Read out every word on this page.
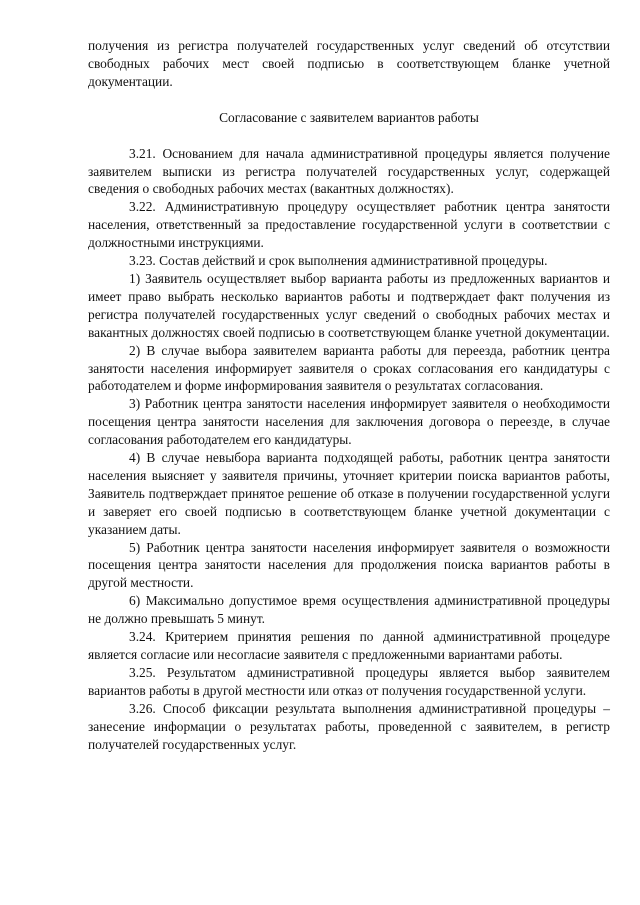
получения из регистра получателей государственных услуг сведений об отсутствии свободных рабочих мест своей подписью в соответствующем бланке учетной документации.

Согласование с заявителем вариантов работы

3.21. Основанием для начала административной процедуры является получение заявителем выписки из регистра получателей государственных услуг, содержащей сведения о свободных рабочих местах (вакантных должностях).

3.22. Административную процедуру осуществляет работник центра занятости населения, ответственный за предоставление государственной услуги в соответствии с должностными инструкциями.

3.23. Состав действий и срок выполнения административной процедуры.

1) Заявитель осуществляет выбор варианта работы из предложенных вариантов и имеет право выбрать несколько вариантов работы и подтверждает факт получения из регистра получателей государственных услуг сведений о свободных рабочих местах и вакантных должностях своей подписью в соответствующем бланке учетной документации.

2) В случае выбора заявителем варианта работы для переезда, работник центра занятости населения информирует заявителя о сроках согласования его кандидатуры с работодателем и форме информирования заявителя о результатах согласования.

3) Работник центра занятости населения информирует заявителя о необходимости посещения центра занятости населения для заключения договора о переезде, в случае согласования работодателем его кандидатуры.

4) В случае невыбора варианта подходящей работы, работник центра занятости населения выясняет у заявителя причины, уточняет критерии поиска вариантов работы, Заявитель подтверждает принятое решение об отказе в получении государственной услуги и заверяет его своей подписью в соответствующем бланке учетной документации с указанием даты.

5) Работник центра занятости населения информирует заявителя о возможности посещения центра занятости населения для продолжения поиска вариантов работы в другой местности.

6) Максимально допустимое время осуществления административной процедуры не должно превышать 5 минут.

3.24. Критерием принятия решения по данной административной процедуре является согласие или несогласие заявителя с предложенными вариантами работы.

3.25. Результатом административной процедуры является выбор заявителем вариантов работы в другой местности или отказ от получения государственной услуги.

3.26. Способ фиксации результата выполнения административной процедуры – занесение информации о результатах работы, проведенной с заявителем, в регистр получателей государственных услуг.
